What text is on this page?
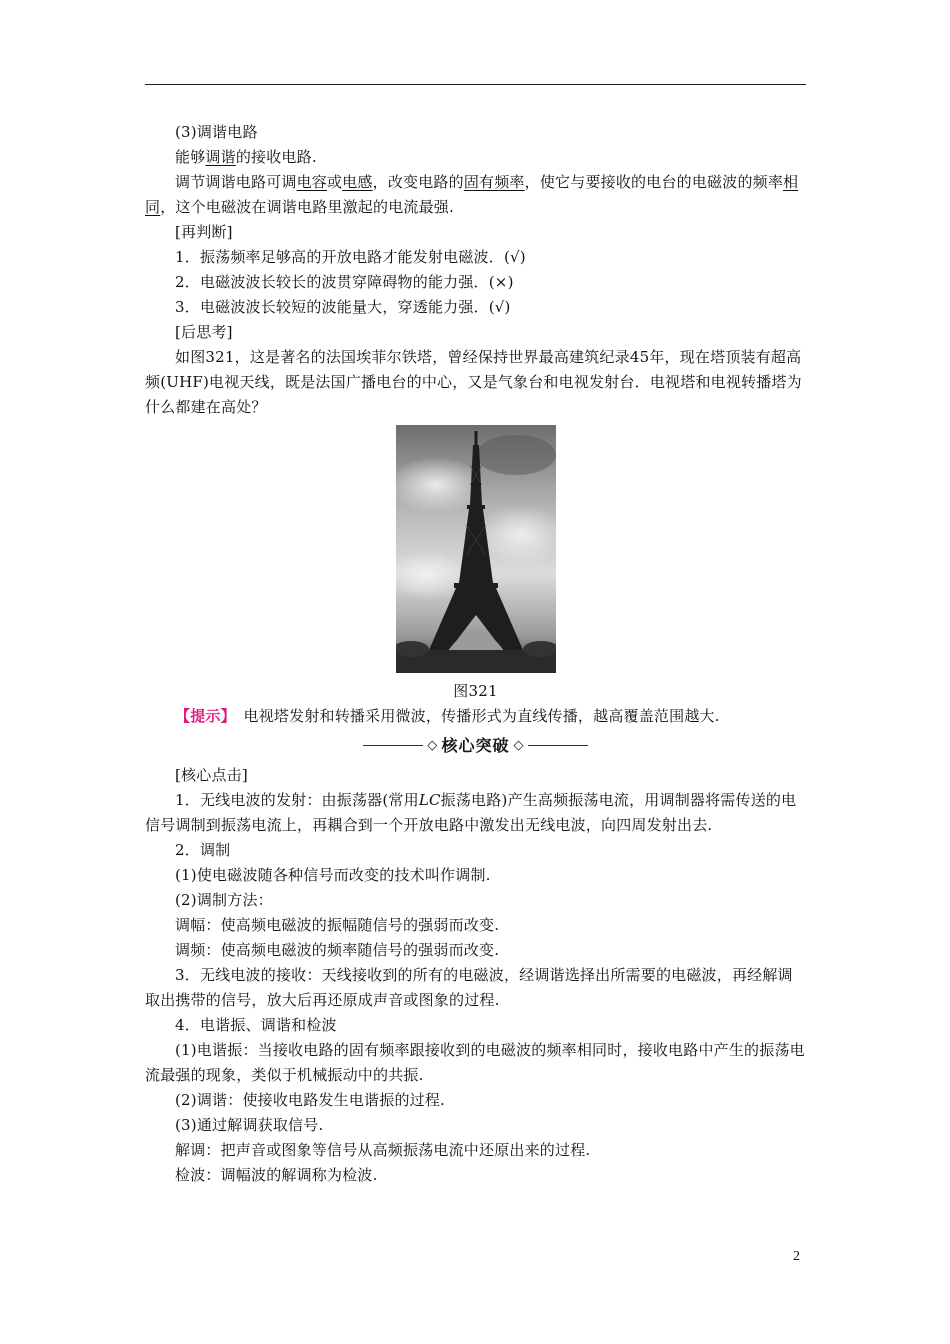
(3)调谐电路

能够调谐的接收电路.

调节调谐电路可调电容或电感，改变电路的固有频率，使它与要接收的电台的电磁波的频率相同，这个电磁波在调谐电路里激起的电流最强.

[再判断]

1．振荡频率足够高的开放电路才能发射电磁波．(√)

2．电磁波波长较长的波贯穿障碍物的能力强．(×)

3．电磁波波长较短的波能量大，穿透能力强．(√)

[后思考]

如图321，这是著名的法国埃菲尔铁塔，曾经保持世界最高建筑纪录45年，现在塔顶装有超高频(UHF)电视天线，既是法国广播电台的中心，又是气象台和电视发射台．电视塔和电视转播塔为什么都建在高处？

图321

【提示】　电视塔发射和转播采用微波，传播形式为直线传播，越高覆盖范围越大.

◇ 核心突破 ◇

[核心点击]

1．无线电波的发射：由振荡器(常用LC振荡电路)产生高频振荡电流，用调制器将需传送的电信号调制到振荡电流上，再耦合到一个开放电路中激发出无线电波，向四周发射出去.

2．调制

(1)使电磁波随各种信号而改变的技术叫作调制.

(2)调制方法：

调幅：使高频电磁波的振幅随信号的强弱而改变.

调频：使高频电磁波的频率随信号的强弱而改变.

3．无线电波的接收：天线接收到的所有的电磁波，经调谐选择出所需要的电磁波，再经解调取出携带的信号，放大后再还原成声音或图象的过程.

4．电谐振、调谐和检波

(1)电谐振：当接收电路的固有频率跟接收到的电磁波的频率相同时，接收电路中产生的振荡电流最强的现象，类似于机械振动中的共振.

(2)调谐：使接收电路发生电谐振的过程.

(3)通过解调获取信号.

解调：把声音或图象等信号从高频振荡电流中还原出来的过程.

检波：调幅波的解调称为检波.

2
